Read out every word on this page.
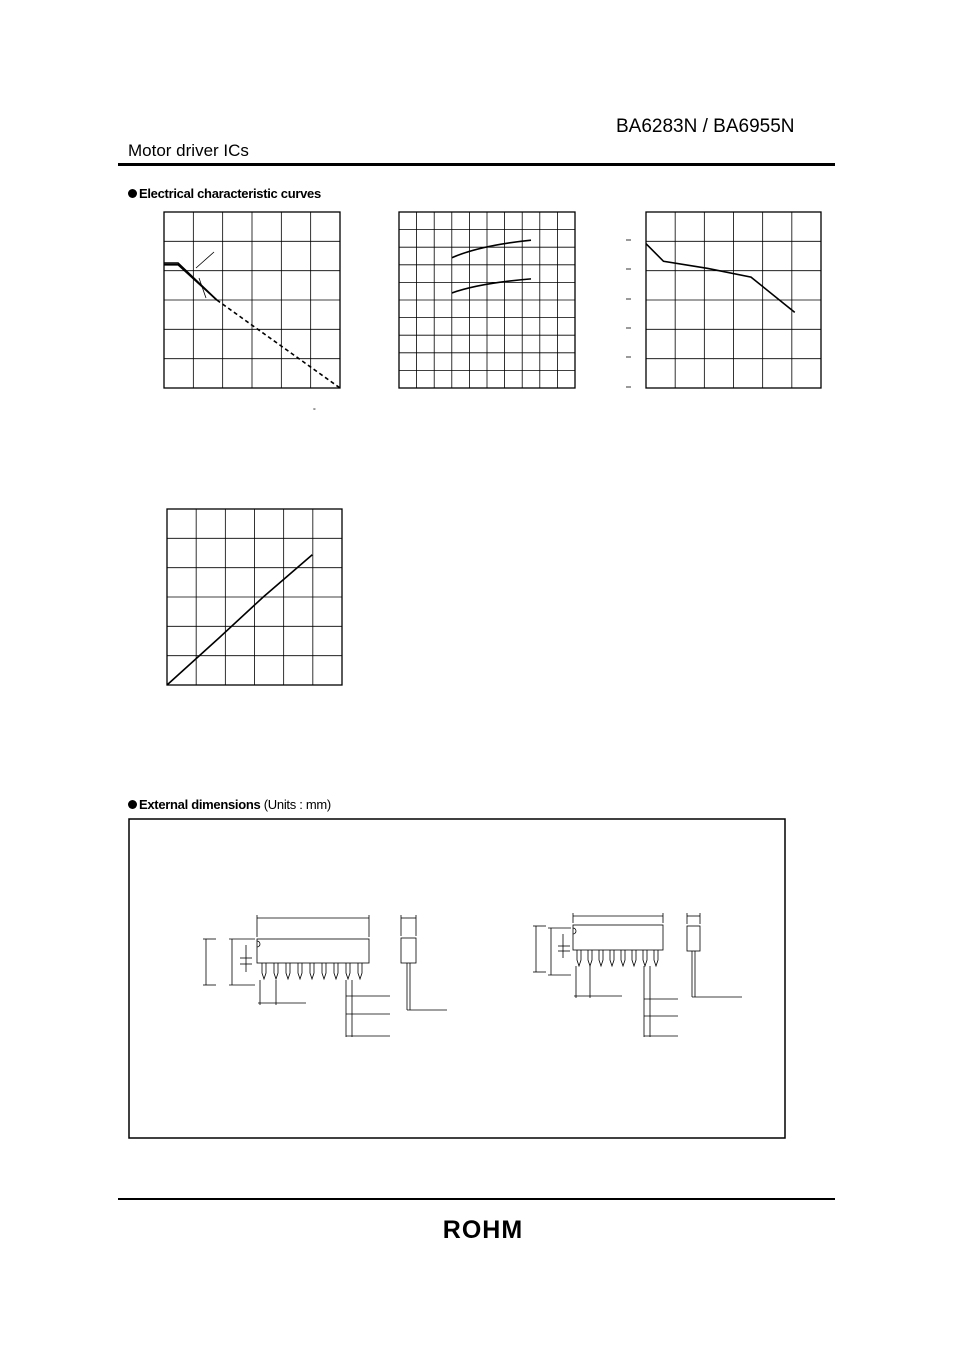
BA6283N / BA6955N
Motor driver ICs
Electrical characteristic curves
External dimensions (Units : mm)
°
ROHM
